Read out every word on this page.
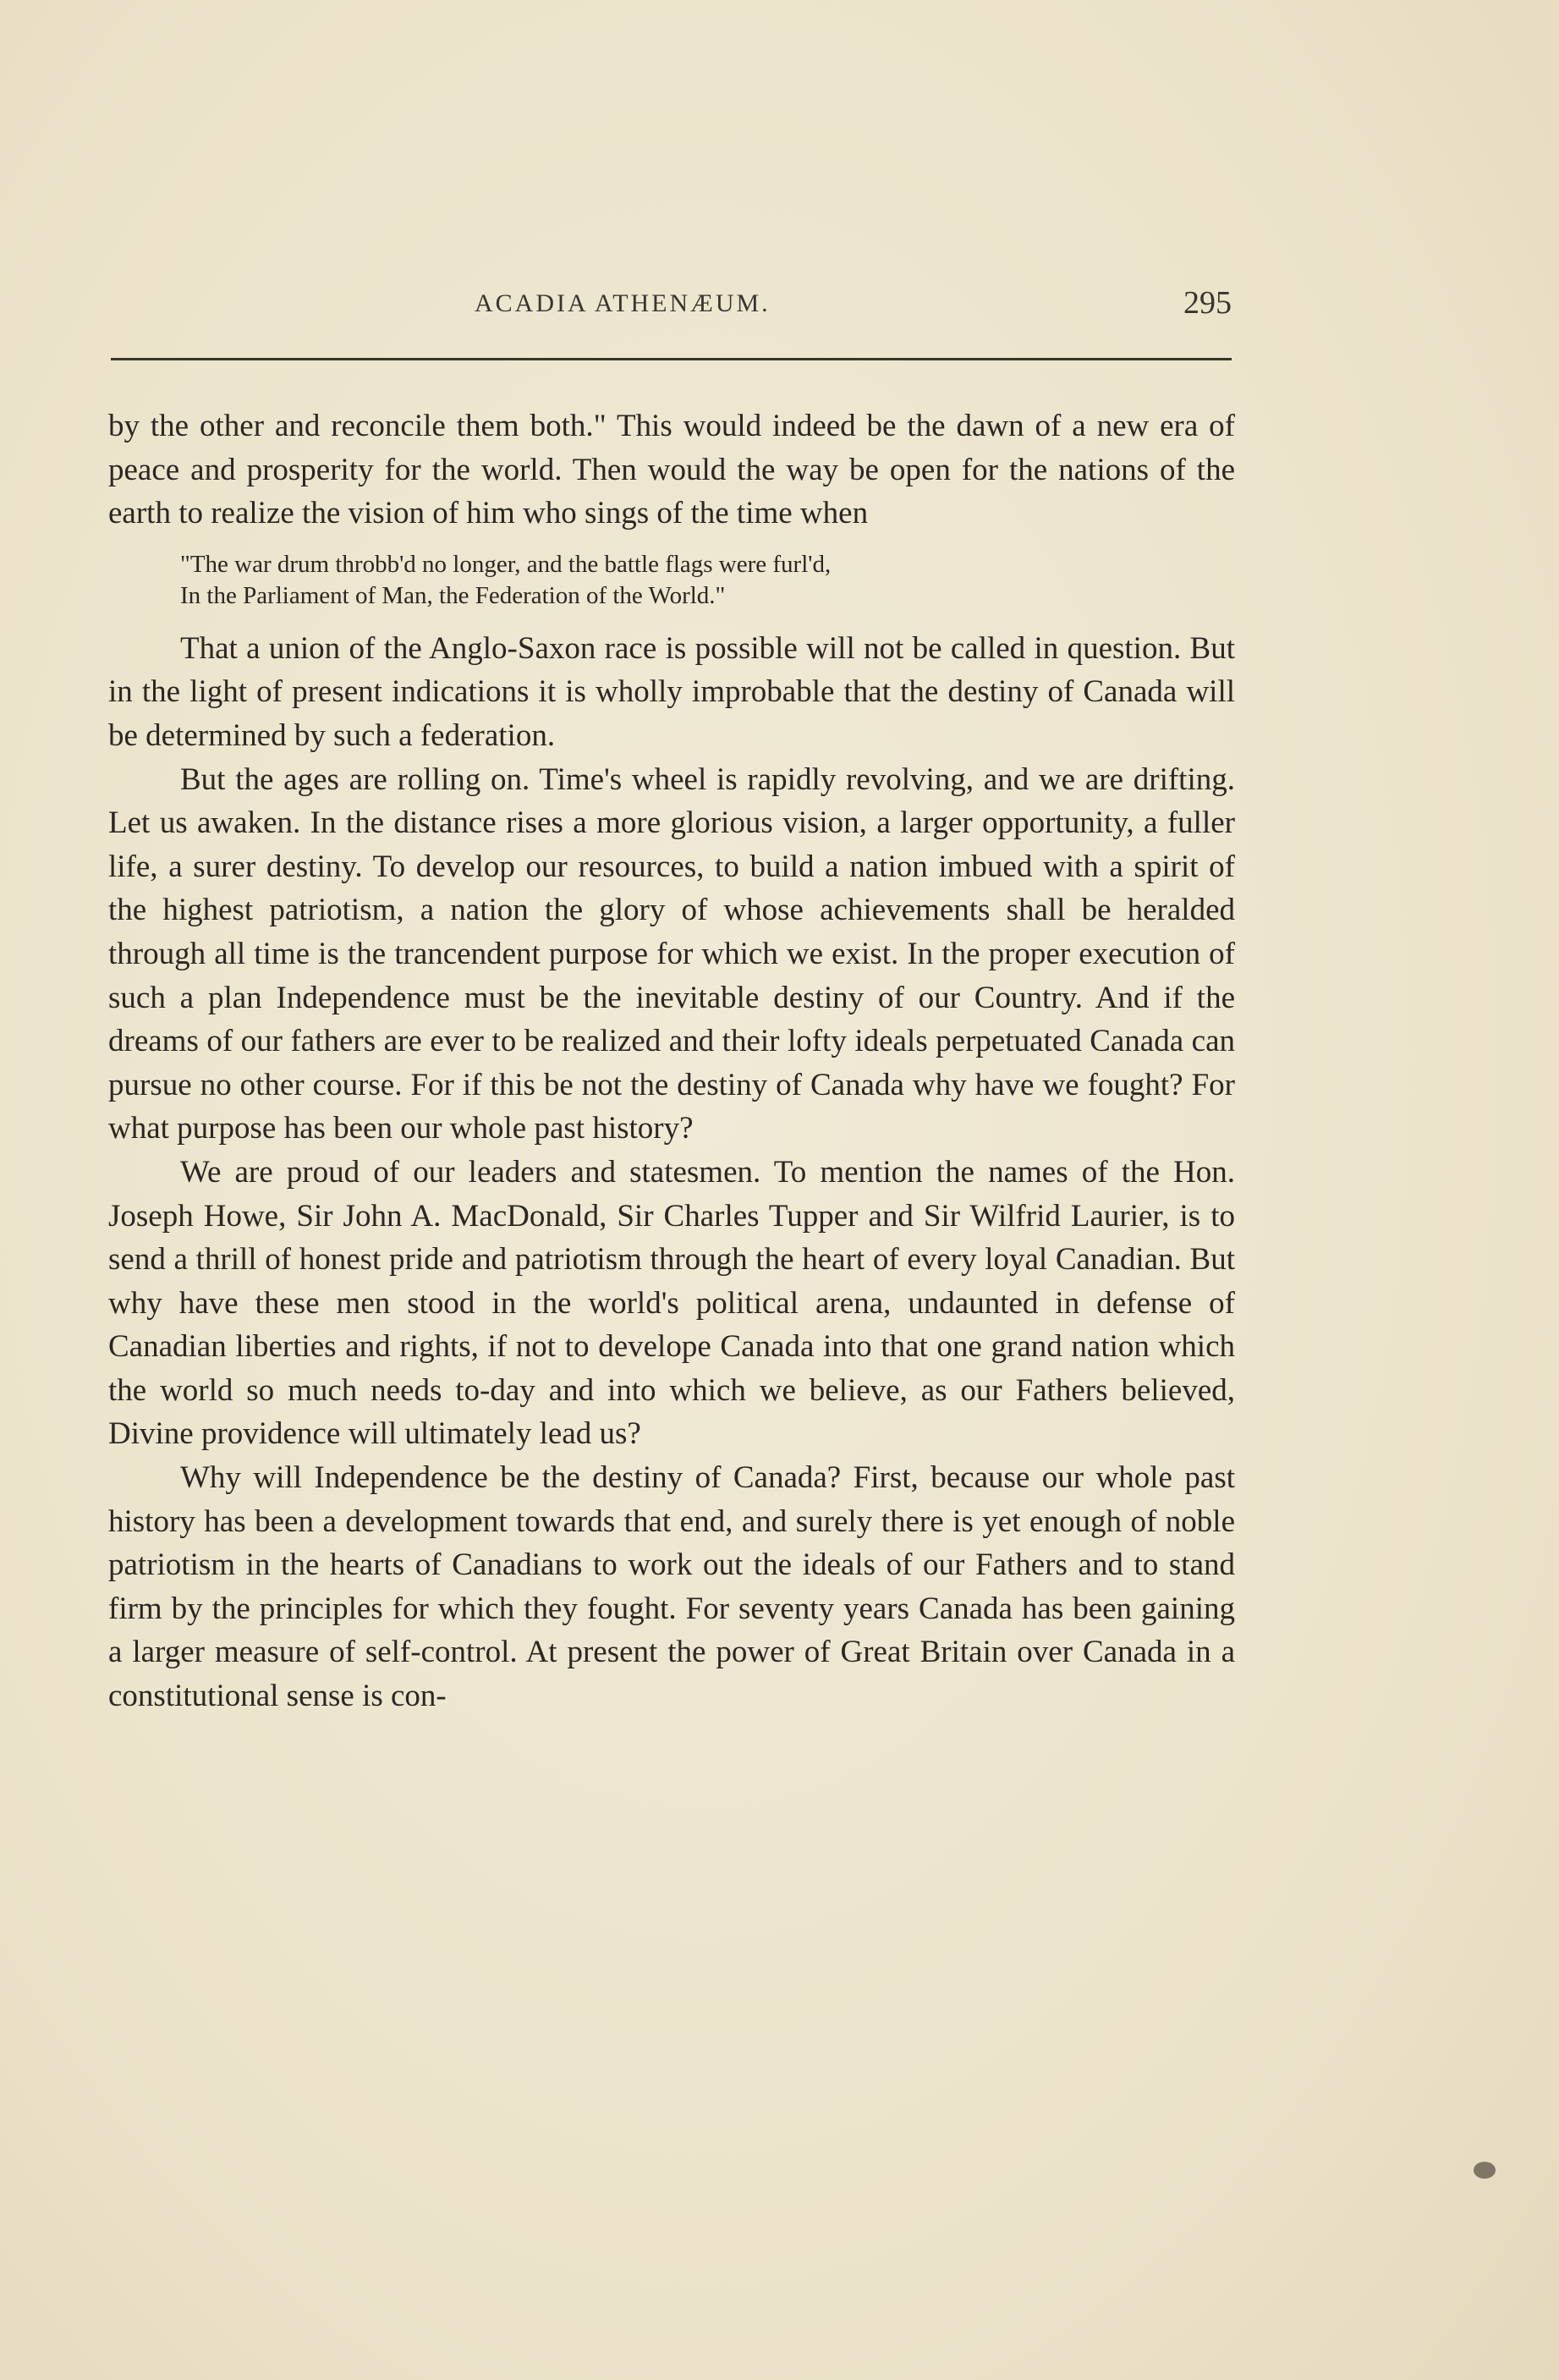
ACADIA ATHENÆUM.	295

by the other and reconcile them both." This would indeed be the dawn of a new era of peace and prosperity for the world. Then would the way be open for the nations of the earth to realize the vision of him who sings of the time when

"The war drum throbb'd no longer, and the battle flags were furl'd,
In the Parliament of Man, the Federation of the World."

That a union of the Anglo-Saxon race is possible will not be called in question. But in the light of present indications it is wholly improbable that the destiny of Canada will be determined by such a federation.

But the ages are rolling on. Time's wheel is rapidly revolving, and we are drifting. Let us awaken. In the distance rises a more glorious vision, a larger opportunity, a fuller life, a surer destiny. To develop our resources, to build a nation imbued with a spirit of the highest patriotism, a nation the glory of whose achievements shall be heralded through all time is the trancendent purpose for which we exist. In the proper execution of such a plan Independence must be the inevitable destiny of our Country. And if the dreams of our fathers are ever to be realized and their lofty ideals perpetuated Canada can pursue no other course. For if this be not the destiny of Canada why have we fought? For what purpose has been our whole past history?

We are proud of our leaders and statesmen. To mention the names of the Hon. Joseph Howe, Sir John A. MacDonald, Sir Charles Tupper and Sir Wilfrid Laurier, is to send a thrill of honest pride and patriotism through the heart of every loyal Canadian. But why have these men stood in the world's political arena, undaunted in defense of Canadian liberties and rights, if not to develope Canada into that one grand nation which the world so much needs to-day and into which we believe, as our Fathers believed, Divine providence will ultimately lead us?

Why will Independence be the destiny of Canada? First, because our whole past history has been a development towards that end, and surely there is yet enough of noble patriotism in the hearts of Canadians to work out the ideals of our Fathers and to stand firm by the principles for which they fought. For seventy years Canada has been gaining a larger measure of self-control. At present the power of Great Britain over Canada in a constitutional sense is con-
